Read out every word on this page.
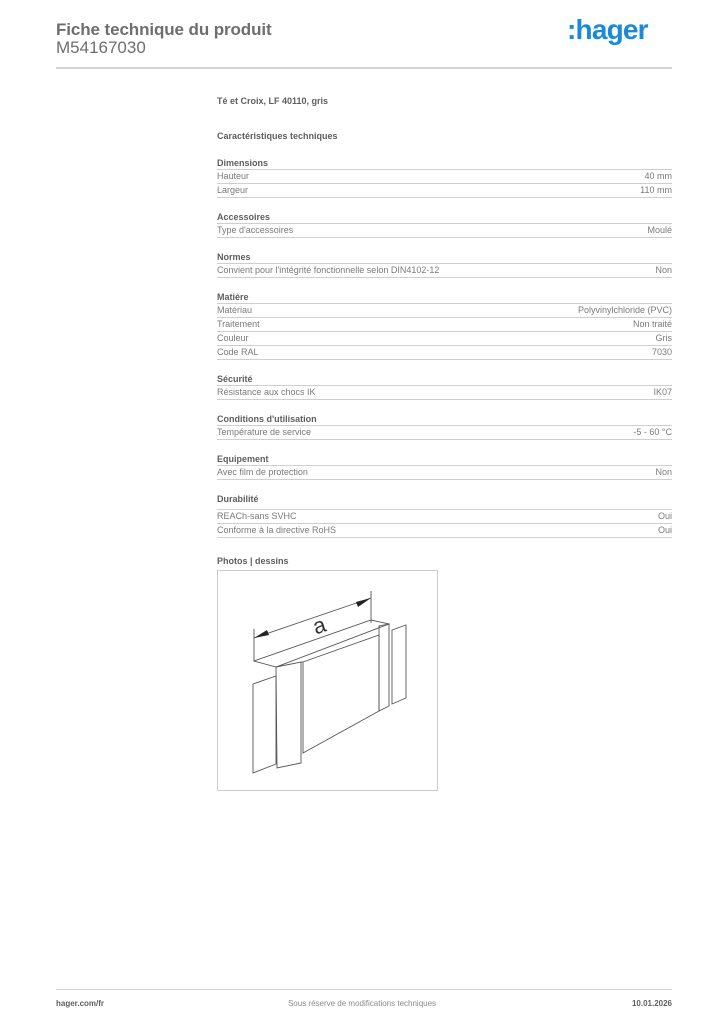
Fiche technique du produit
M54167030
:hager
Té et Croix, LF 40110, gris
Caractéristiques techniques
Dimensions
Hauteur	40 mm
Largeur	110 mm
Accessoires
Type d'accessoires	Moulé
Normes
Convient pour l'intégrité fonctionnelle selon DIN4102-12	Non
Matière
Matériau	Polyvinylchloride (PVC)
Traitement	Non traité
Couleur	Gris
Code RAL	7030
Sécurité
Résistance aux chocs IK	IK07
Conditions d'utilisation
Température de service	-5 - 60 °C
Equipement
Avec film de protection	Non
Durabilité
REACh-sans SVHC	Oui
Conforme à la directive RoHS	Oui
Photos | dessins
a
hager.com/fr	Sous réserve de modifications techniques	10.01.2026
